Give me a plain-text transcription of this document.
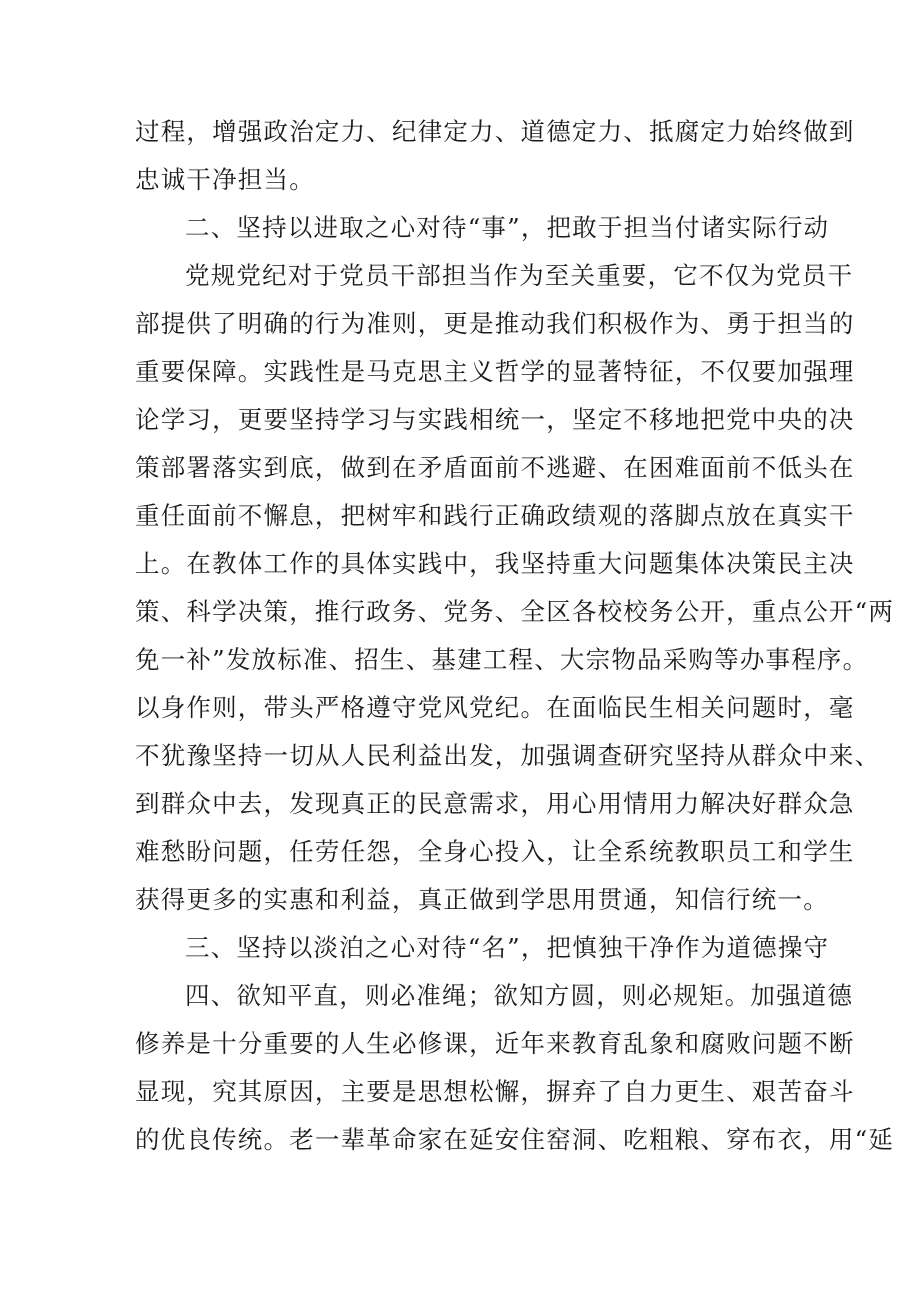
过程，增强政治定力、纪律定力、道德定力、抵腐定力始终做到
忠诚干净担当。
二、坚持以进取之心对待“事”，把敢于担当付诸实际行动
党规党纪对于党员干部担当作为至关重要，它不仅为党员干
部提供了明确的行为准则，更是推动我们积极作为、勇于担当的
重要保障。实践性是马克思主义哲学的显著特征，不仅要加强理
论学习，更要坚持学习与实践相统一，坚定不移地把党中央的决
策部署落实到底，做到在矛盾面前不逃避、在困难面前不低头在
重任面前不懈息，把树牢和践行正确政绩观的落脚点放在真实干
上。在教体工作的具体实践中，我坚持重大问题集体决策民主决
策、科学决策，推行政务、党务、全区各校校务公开，重点公开“两
免一补”发放标准、招生、基建工程、大宗物品采购等办事程序。
以身作则，带头严格遵守党风党纪。在面临民生相关问题时，毫
不犹豫坚持一切从人民利益出发，加强调查研究坚持从群众中来、
到群众中去，发现真正的民意需求，用心用情用力解决好群众急
难愁盼问题，任劳任怨，全身心投入，让全系统教职员工和学生
获得更多的实惠和利益，真正做到学思用贯通，知信行统一。
三、坚持以淡泊之心对待“名”，把慎独干净作为道德操守
四、欲知平直，则必准绳；欲知方圆，则必规矩。加强道德
修养是十分重要的人生必修课，近年来教育乱象和腐败问题不断
显现，究其原因，主要是思想松懈，摒弃了自力更生、艰苦奋斗
的优良传统。老一辈革命家在延安住窑洞、吃粗粮、穿布衣，用“延
